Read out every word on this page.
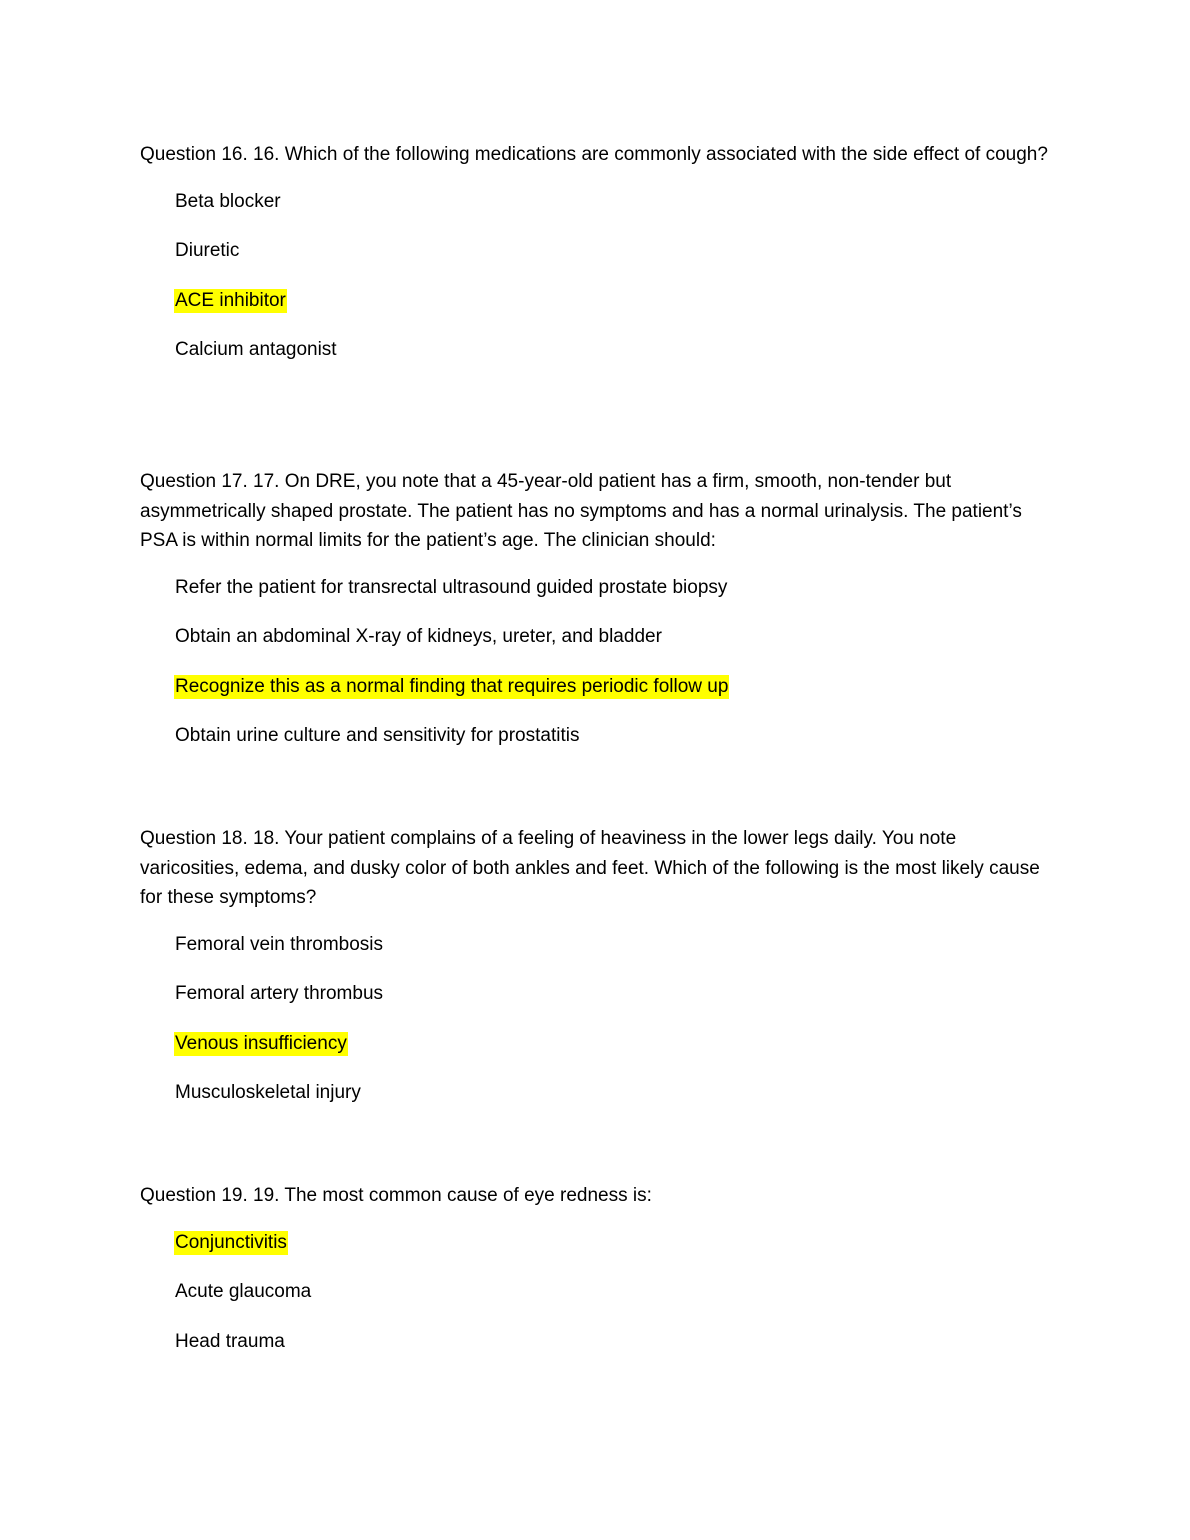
Question 16. 16. Which of the following medications are commonly associated with the side effect of cough?

Beta blocker
Diuretic
ACE inhibitor
Calcium antagonist

Question 17. 17. On DRE, you note that a 45-year-old patient has a firm, smooth, non-tender but asymmetrically shaped prostate. The patient has no symptoms and has a normal urinalysis. The patient’s PSA is within normal limits for the patient’s age. The clinician should:

Refer the patient for transrectal ultrasound guided prostate biopsy
Obtain an abdominal X-ray of kidneys, ureter, and bladder
Recognize this as a normal finding that requires periodic follow up
Obtain urine culture and sensitivity for prostatitis

Question 18. 18. Your patient complains of a feeling of heaviness in the lower legs daily. You note varicosities, edema, and dusky color of both ankles and feet. Which of the following is the most likely cause for these symptoms?

Femoral vein thrombosis
Femoral artery thrombus
Venous insufficiency
Musculoskeletal injury

Question 19. 19. The most common cause of eye redness is:

Conjunctivitis
Acute glaucoma
Head trauma
